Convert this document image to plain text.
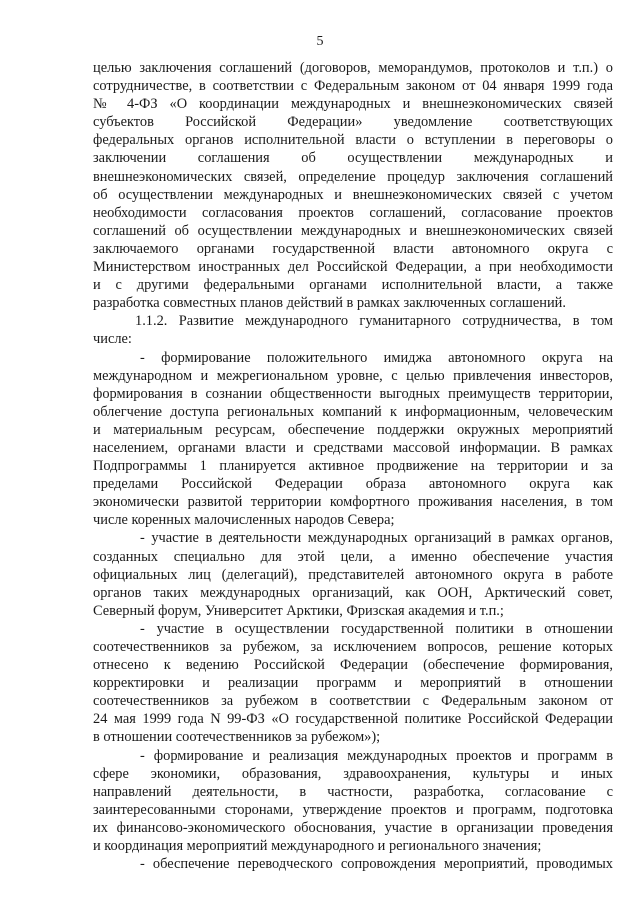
5
целью заключения соглашений (договоров, меморандумов, протоколов и т.п.) о
сотрудничестве, в соответствии с Федеральным законом от 04 января 1999 года
№ 4-ФЗ «О координации международных и внешнеэкономических связей
субъектов Российской Федерации» уведомление соответствующих
федеральных органов исполнительной власти о вступлении в переговоры о
заключении соглашения об осуществлении международных и
внешнеэкономических связей, определение процедур заключения соглашений
об осуществлении международных и внешнеэкономических связей с учетом
необходимости согласования проектов соглашений, согласование проектов
соглашений об осуществлении международных и внешнеэкономических связей
заключаемого органами государственной власти автономного округа с
Министерством иностранных дел Российской Федерации, а при необходимости
и с другими федеральными органами исполнительной власти, а также
разработка совместных планов действий в рамках заключенных соглашений.
1.1.2. Развитие международного гуманитарного сотрудничества, в том
числе:
- формирование положительного имиджа автономного округа на
международном и межрегиональном уровне, с целью привлечения инвесторов,
формирования в сознании общественности выгодных преимуществ территории,
облегчение доступа региональных компаний к информационным, человеческим
и материальным ресурсам, обеспечение поддержки окружных мероприятий
населением, органами власти и средствами массовой информации. В рамках
Подпрограммы 1 планируется активное продвижение на территории и за
пределами Российской Федерации образа автономного округа как
экономически развитой территории комфортного проживания населения, в том
числе коренных малочисленных народов Севера;
- участие в деятельности международных организаций в рамках органов,
созданных специально для этой цели, а именно обеспечение участия
официальных лиц (делегаций), представителей автономного округа в работе
органов таких международных организаций, как ООН, Арктический совет,
Северный форум, Университет Арктики, Фризская академия и т.п.;
- участие в осуществлении государственной политики в отношении
соотечественников за рубежом, за исключением вопросов, решение которых
отнесено к ведению Российской Федерации (обеспечение формирования,
корректировки и реализации программ и мероприятий в отношении
соотечественников за рубежом в соответствии с Федеральным законом от
24 мая 1999 года N 99-ФЗ «О государственной политике Российской Федерации
в отношении соотечественников за рубежом»);
- формирование и реализация международных проектов и программ в
сфере экономики, образования, здравоохранения, культуры и иных
направлений деятельности, в частности, разработка, согласование с
заинтересованными сторонами, утверждение проектов и программ, подготовка
их финансово-экономического обоснования, участие в организации проведения
и координация мероприятий международного и регионального значения;
- обеспечение переводческого сопровождения мероприятий, проводимых
